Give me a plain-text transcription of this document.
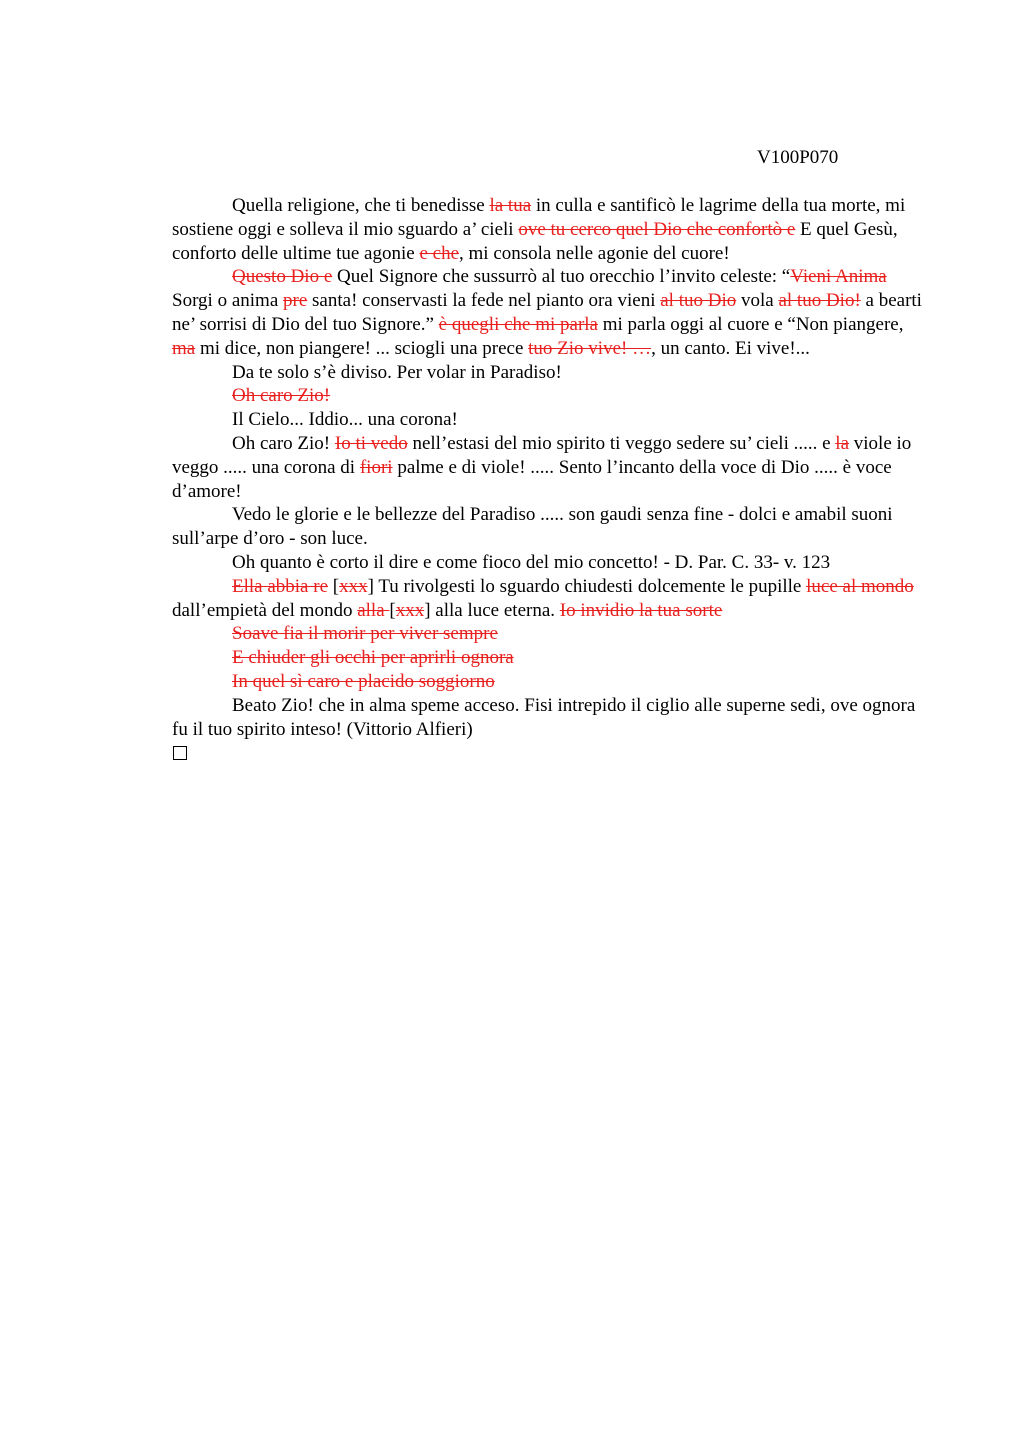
V100P070

Quella religione, che ti benedisse la tua in culla e santificò le lagrime della tua morte, mi sostiene oggi e solleva il mio sguardo a’ cieli ove tu cerco quel Dio che confortò e E quel Gesù, conforto delle ultime tue agonie e che, mi consola nelle agonie del cuore!

Questo Dio e Quel Signore che sussurrò al tuo orecchio l’invito celeste: “Vieni Anima Sorgi o anima pre santa! conservasti la fede nel pianto ora vieni al tuo Dio vola al tuo Dio! a bearti ne’ sorrisi di Dio del tuo Signore.” è quegli che mi parla mi parla oggi al cuore e “Non piangere, ma mi dice, non piangere! ... sciogli una prece tuo Zio vive! …, un canto. Ei vive!...

Da te solo s’è diviso. Per volar in Paradiso!

Oh caro Zio!

Il Cielo... Iddio... una corona!

Oh caro Zio! Io ti vedo nell’estasi del mio spirito ti veggo sedere su’ cieli ..... e la viole io veggo ..... una corona di fiori palme e di viole! ..... Sento l’incanto della voce di Dio ..... è voce d’amore!

Vedo le glorie e le bellezze del Paradiso ..... son gaudi senza fine - dolci e amabil suoni sull’arpe d’oro - son luce.

Oh quanto è corto il dire e come fioco del mio concetto! - D. Par. C. 33- v. 123

Ella abbia re [xxx] Tu rivolgesti lo sguardo chiudesti dolcemente le pupille luce al mondo dall’empietà del mondo alla [xxx] alla luce eterna. Io invidio la tua sorte

Soave fia il morir per viver sempre

E chiuder gli occhi per aprirli ognora

In quel sì caro e placido soggiorno

Beato Zio! che in alma speme acceso. Fisi intrepido il ciglio alle superne sedi, ove ognora fu il tuo spirito inteso! (Vittorio Alfieri)
